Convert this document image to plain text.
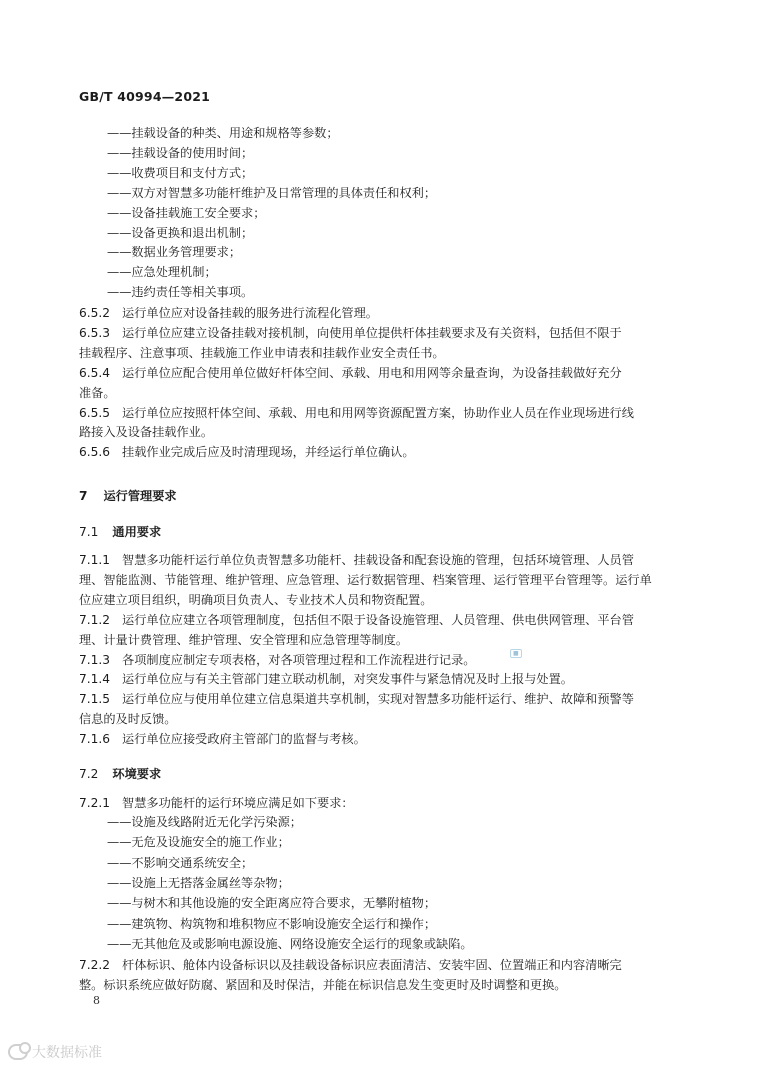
GB/T 40994—2021
——挂载设备的种类、用途和规格等参数；
——挂载设备的使用时间；
——收费项目和支付方式；
——双方对智慧多功能杆维护及日常管理的具体责任和权利；
——设备挂载施工安全要求；
——设备更换和退出机制；
——数据业务管理要求；
——应急处理机制；
——违约责任等相关事项。
6.5.2 运行单位应对设备挂载的服务进行流程化管理。
6.5.3 运行单位应建立设备挂载对接机制，向使用单位提供杆体挂载要求及有关资料，包括但不限于
挂载程序、注意事项、挂载施工作业申请表和挂载作业安全责任书。
6.5.4 运行单位应配合使用单位做好杆体空间、承载、用电和用网等余量查询，为设备挂载做好充分
准备。
6.5.5 运行单位应按照杆体空间、承载、用电和用网等资源配置方案，协助作业人员在作业现场进行线
路接入及设备挂载作业。
6.5.6 挂载作业完成后应及时清理现场，并经运行单位确认。
7 运行管理要求
7.1 通用要求
7.1.1 智慧多功能杆运行单位负责智慧多功能杆、挂载设备和配套设施的管理，包括环境管理、人员管
理、智能监测、节能管理、维护管理、应急管理、运行数据管理、档案管理、运行管理平台管理等。运行单
位应建立项目组织，明确项目负责人、专业技术人员和物资配置。
7.1.2 运行单位应建立各项管理制度，包括但不限于设备设施管理、人员管理、供电供网管理、平台管
理、计量计费管理、维护管理、安全管理和应急管理等制度。
7.1.3 各项制度应制定专项表格，对各项管理过程和工作流程进行记录。
7.1.4 运行单位应与有关主管部门建立联动机制，对突发事件与紧急情况及时上报与处置。
7.1.5 运行单位应与使用单位建立信息渠道共享机制，实现对智慧多功能杆运行、维护、故障和预警等
信息的及时反馈。
7.1.6 运行单位应接受政府主管部门的监督与考核。
7.2 环境要求
7.2.1 智慧多功能杆的运行环境应满足如下要求：
——设施及线路附近无化学污染源；
——无危及设施安全的施工作业；
——不影响交通系统安全；
——设施上无搭落金属丝等杂物；
——与树木和其他设施的安全距离应符合要求，无攀附植物；
——建筑物、构筑物和堆积物应不影响设施安全运行和操作；
——无其他危及或影响电源设施、网络设施安全运行的现象或缺陷。
7.2.2 杆体标识、舱体内设备标识以及挂载设备标识应表面清洁、安装牢固、位置端正和内容清晰完
整。标识系统应做好防腐、紧固和及时保洁，并能在标识信息发生变更时及时调整和更换。
■
8
大数据标准
